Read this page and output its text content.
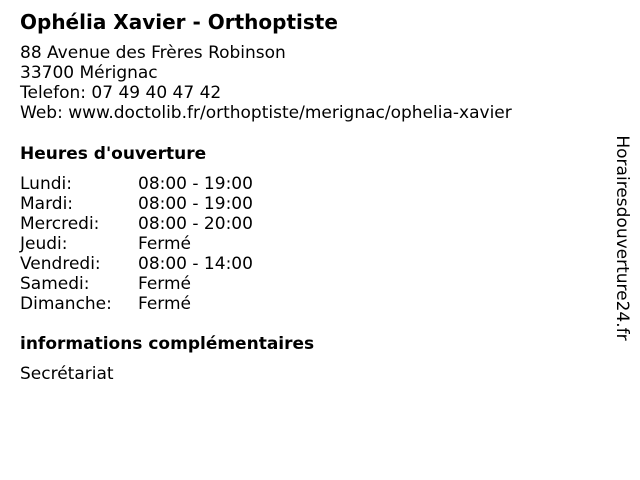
Ophélia Xavier - Orthoptiste
88 Avenue des Frères Robinson
33700 Mérignac
Telefon: 07 49 40 47 42
Web: www.doctolib.fr/orthoptiste/merignac/ophelia-xavier
Heures d'ouverture
Lundi:	08:00 - 19:00
Mardi:	08:00 - 19:00
Mercredi:	08:00 - 20:00
Jeudi:	Fermé
Vendredi:	08:00 - 14:00
Samedi:	Fermé
Dimanche:	Fermé
informations complémentaires
Secrétariat
Horairesdouverture24.fr
